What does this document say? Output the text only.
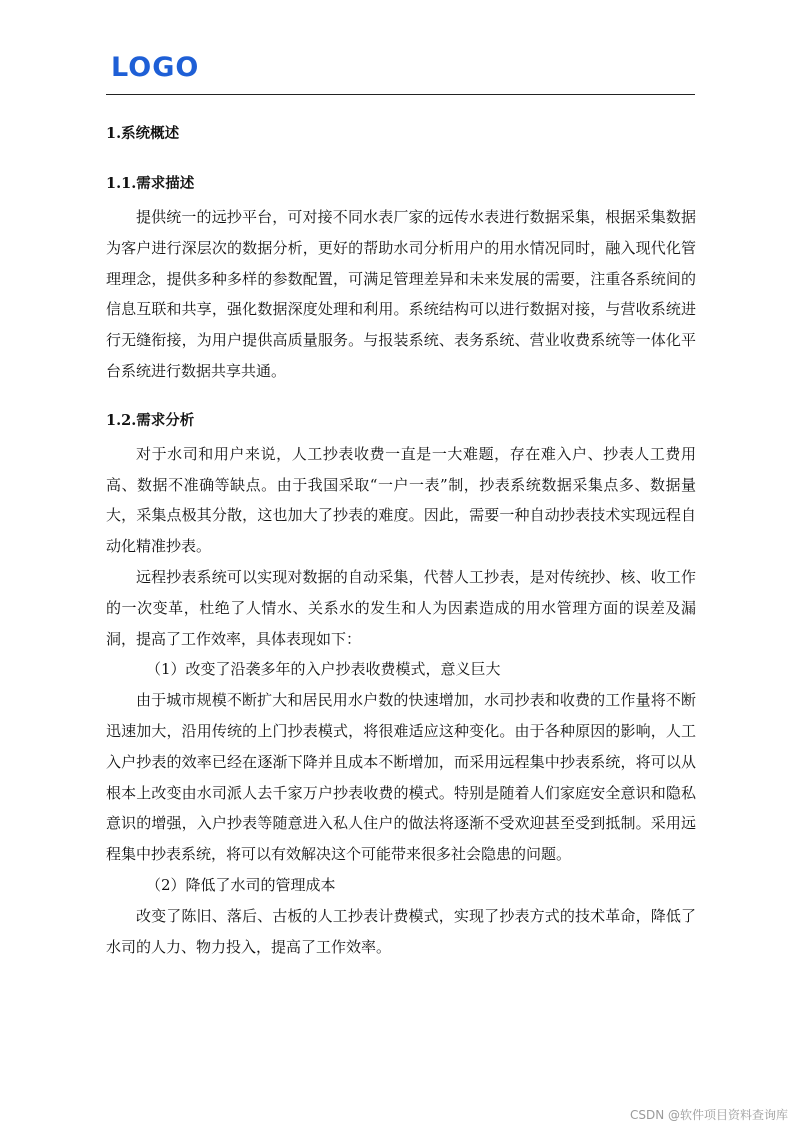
LOGO
1.系统概述
1.1.需求描述

提供统一的远抄平台，可对接不同水表厂家的远传水表进行数据采集，根据采集数据为客户进行深层次的数据分析，更好的帮助水司分析用户的用水情况同时，融入现代化管理理念，提供多种多样的参数配置，可满足管理差异和未来发展的需要，注重各系统间的信息互联和共享，强化数据深度处理和利用。系统结构可以进行数据对接，与营收系统进行无缝衔接，为用户提供高质量服务。与报装系统、表务系统、营业收费系统等一体化平台系统进行数据共享共通。

1.2.需求分析

对于水司和用户来说，人工抄表收费一直是一大难题，存在难入户、抄表人工费用高、数据不准确等缺点。由于我国采取“一户一表”制，抄表系统数据采集点多、数据量大，采集点极其分散，这也加大了抄表的难度。因此，需要一种自动抄表技术实现远程自动化精准抄表。

远程抄表系统可以实现对数据的自动采集，代替人工抄表，是对传统抄、核、收工作的一次变革，杜绝了人情水、关系水的发生和人为因素造成的用水管理方面的误差及漏洞，提高了工作效率，具体表现如下：

（1）改变了沿袭多年的入户抄表收费模式，意义巨大

由于城市规模不断扩大和居民用水户数的快速增加，水司抄表和收费的工作量将不断迅速加大，沿用传统的上门抄表模式，将很难适应这种变化。由于各种原因的影响，人工入户抄表的效率已经在逐渐下降并且成本不断增加，而采用远程集中抄表系统，将可以从根本上改变由水司派人去千家万户抄表收费的模式。特别是随着人们家庭安全意识和隐私意识的增强，入户抄表等随意进入私人住户的做法将逐渐不受欢迎甚至受到抵制。采用远程集中抄表系统，将可以有效解决这个可能带来很多社会隐患的问题。

（2）降低了水司的管理成本

改变了陈旧、落后、古板的人工抄表计费模式，实现了抄表方式的技术革命，降低了水司的人力、物力投入，提高了工作效率。

CSDN @软件项目资料查询库
